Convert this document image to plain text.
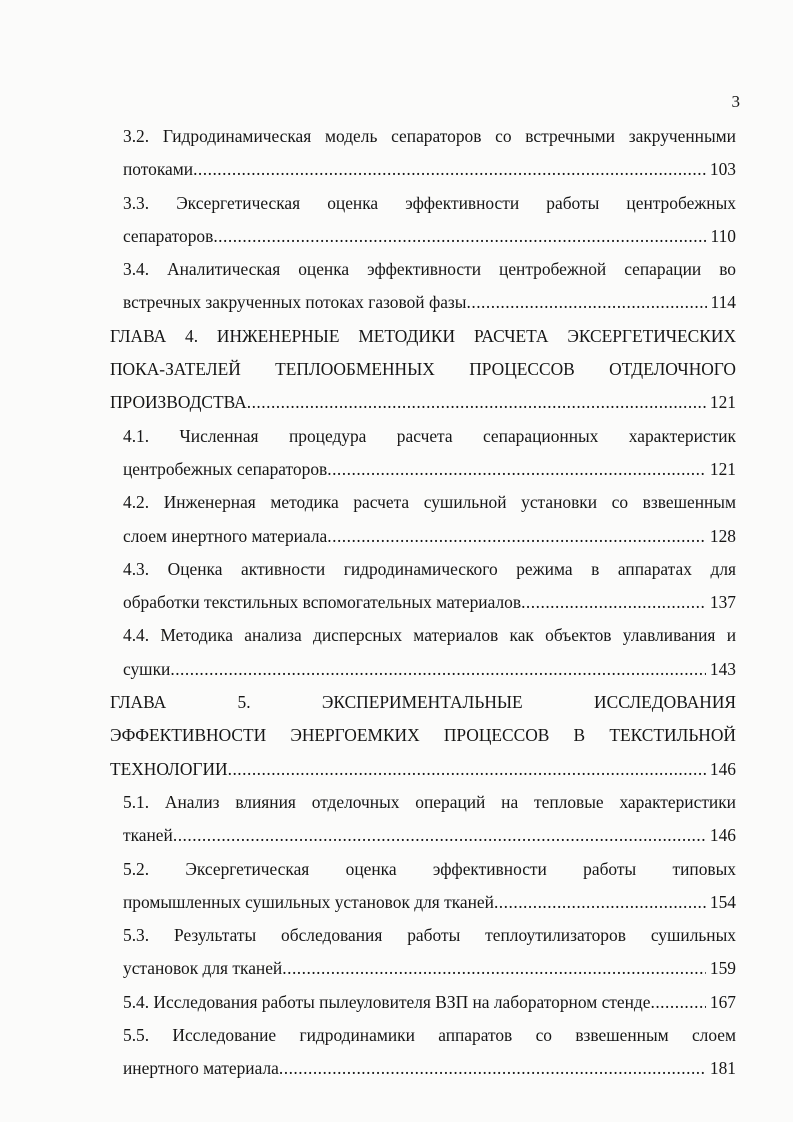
3
3.2. Гидродинамическая модель сепараторов со встречными закрученными
потоками .....	103
3.3. Эксергетическая оценка эффективности работы центробежных
сепараторов .....	110
3.4. Аналитическая оценка эффективности центробежной сепарации во
встречных закрученных потоках газовой фазы .....	114
ГЛАВА 4. ИНЖЕНЕРНЫЕ МЕТОДИКИ РАСЧЕТА ЭКСЕРГЕТИЧЕСКИХ
ПОКА-ЗАТЕЛЕЙ ТЕПЛООБМЕННЫХ ПРОЦЕССОВ ОТДЕЛОЧНОГО
ПРОИЗВОДСТВА .....	121
4.1. Численная процедура расчета сепарационных характеристик
центробежных сепараторов .....	121
4.2. Инженерная методика расчета сушильной установки со взвешенным
слоем инертного материала .....	128
4.3. Оценка активности гидродинамического режима в аппаратах для
обработки текстильных вспомогательных материалов .....	137
4.4. Методика анализа дисперсных материалов как объектов улавливания и
сушки .....	143
ГЛАВА 5. ЭКСПЕРИМЕНТАЛЬНЫЕ ИССЛЕДОВАНИЯ
ЭФФЕКТИВНОСТИ ЭНЕРГОЕМКИХ ПРОЦЕССОВ В ТЕКСТИЛЬНОЙ
ТЕХНОЛОГИИ .....	146
5.1. Анализ влияния отделочных операций на тепловые характеристики
тканей .....	146
5.2. Эксергетическая оценка эффективности работы типовых
промышленных сушильных установок для тканей .....	154
5.3. Результаты обследования работы теплоутилизаторов сушильных
установок для тканей .....	159
5.4. Исследования работы пылеуловителя ВЗП на лабораторном стенде .....	167
5.5. Исследование гидродинамики аппаратов со взвешенным слоем
инертного материала .....	181
